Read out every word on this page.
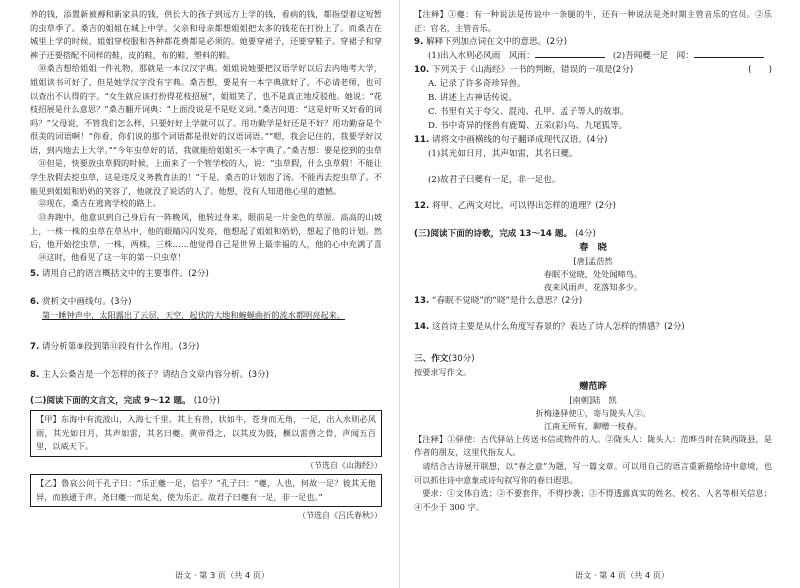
养的钱，添置新被褥和新家具的钱，供长大的孩子到远方上学的钱，看病的钱，都指望着这短暂的虫草季了。桑吉的姐姐在城上中学。父亲和母亲都想姐姐把太多的钱花在打扮上了。而桑吉在城里上学的时候，姐姐穿校服和各种都花费都是必须的。她要穿裙子，还要穿鞋子。穿裙子和穿裤子还要搭配不同样的鞋，皮的鞋，布的鞋，塑料的鞋。

⑩桑吉想给姐姐一件礼物，那就是一本汉汉字典。姐姐说她要把汉语学好以后去内地考大学，姐姐读书可好了，但是她学汉字没有字典。桑吉想，要是有一本字典就好了，不必请老师，也可以查出不认得的字。“女生就应该打扮得花枝招展”，姐姐笑了，也不是真正地反驳他。她说：“花枝招展是什么意思？”桑吉翻开词典：“上面没说是不是贬义词。”桑吉问道：“这是好听又好看的词吗？”父母说，不管我们怎么样，只要好好上学就可以了。用功勤学是好还是不好？用功勤奋是个很美的词语啊！“你看，你们说的那个词语都是很好的汉语词语。”“嗯，我会记住的，我要学好汉语，到内地去上大学。”“今年虫草好的话，我就能给姐姐买一本字典了。”桑吉想：要是挖到的虫草

⑪但是，快要放虫草假的时候，上面来了一个管学校的人，说：“虫草假，什么虫草假！不能让学生放假去挖虫草，这是违反义务教育法的！”于是，桑吉的计划泡了汤。不能再去挖虫草了。不能见到姐姐和奶奶的笑容了，他就没了说话的人了。他想，没有人知道他心里的遗憾。

⑫现在，桑吉在逃离学校的路上。

⑬奔跑中，他意识到自己身后有一阵晚风，他转过身来，眼前是一片金色的草原。高高的山坡上，一株一株的虫草在草丛中，他的眼睛闪闪发亮，他想起了姐姐和奶奶，想起了他的计划。然后，他开始挖虫草，一株，两株，三株……他觉得自己是世界上最幸福的人，他的心中充满了喜

⑭这时，他看见了这一年的第一只虫草！

5. 请用自己的语言概括文中的主要事件。(2分)

6. 赏析文中画线句。(3分)

第一睡钟声中，太阳露出了云层，天空，起伏的大地和蜿蜒曲折的流水都明亮起来。

7. 请分析第⑨段到第⑪段有什么作用。(3分)

8. 主人公桑吉是一个怎样的孩子？请结合文章内容分析。(3分)

(二)阅读下面的文言文，完成 9～12 题。 (10分)

【甲】东海中有流波山，入海七千里。其上有兽，状如牛，苍身而无角，一足，出入水则必风雨，其光如日月，其声如雷，其名曰夔。黄帝得之，以其皮为鼓，橛以雷兽之骨，声闻五百里，以威天下。

（节选自《山海经》）

【乙】鲁哀公问于孔子曰：“乐正夔一足，信乎？”孔子曰：“夔，人也，何故一足？彼其无他异，而独通于声。尧曰夔一而足矣，使为乐正。故君子曰夔有一足，非一足也。”

（节选自《吕氏春秋》）

【注释】①夔：有一种说法是传说中一条腿的牛，还有一种说法是尧时期主管音乐的官员。②乐正：官名，主管音乐。

9. 解释下列加点词在文中的意思。(2分)

(1)出入水则必风雨　风雨：	(2)吾闻夔一足　闻：

10. 下列关于《山海经》一书的判断，错误的一项是(2分)	(　　)

A. 记录了许多奇珍异兽。

B. 讲述上古神话传说。

C. 书里有关于夸父、混沌、孔甲、孟子等人的故事。

D. 书中奇异的怪兽有鹿蜀、五采(彩)鸟、九尾狐等。

11. 请将文中画横线的句子翻译成现代汉语。(4分)

(1)其光如日月，其声如雷，其名曰夔。

(2)故君子曰夔有一足，非一足也。

12. 将甲、乙两文对比，可以得出怎样的道理？(2分)

(三)阅读下面的诗歌，完成 13～14 题。 (4分)

春　晓

[唐]孟浩然

春眠不觉晓，处处闻啼鸟。

夜来风雨声，花落知多少。

13. “春眠不觉晓”的“晓”是什么意思？(2分)

14. 这首诗主要是从什么角度写春景的？表达了诗人怎样的情感？(2分)

三、作文(30分)

按要求写作文。

赠范晔

[南朝]陆　凯

折梅逢驿使①，寄与陇头人②。

江南无所有，聊赠一枝春。

【注释】①驿使：古代驿站上传送书信或物件的人。②陇头人：陇头人：范晔当时在陕西陇县，是作者的朋友，这里代指友人。

请结合古诗展开联想，以“春之意”为题，写一篇文章。可以用自己的语言重新描绘诗中意境，也可以抓住诗中意象或诗句叙写你的春日遐思。

要求：①文体自选；②不要套作，不得抄袭；③不得透露真实的姓名、校名、人名等相关信息；④不少于 300 字。

语文 · 第 3 页（共 4 页）	语文 · 第 4 页（共 4 页）
